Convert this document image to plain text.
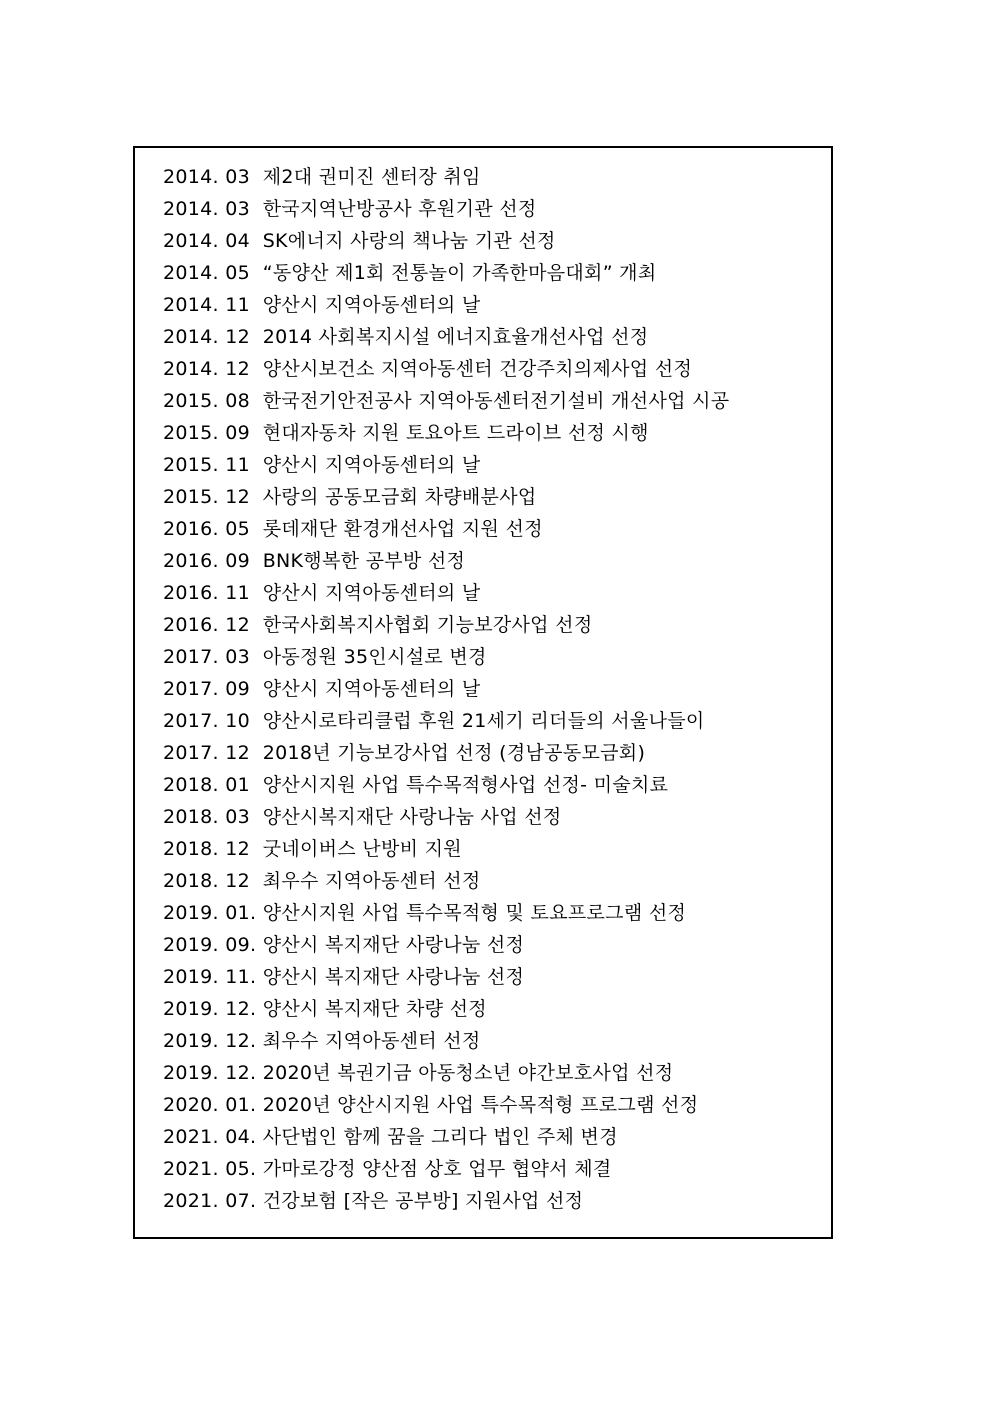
2014. 03  제2대 권미진 센터장 취임
2014. 03  한국지역난방공사 후원기관 선정
2014. 04  SK에너지 사랑의 책나눔 기관 선정
2014. 05  “동양산 제1회 전통놀이 가족한마음대회” 개최
2014. 11  양산시 지역아동센터의 날
2014. 12  2014 사회복지시설 에너지효율개선사업 선정
2014. 12  양산시보건소 지역아동센터 건강주치의제사업 선정
2015. 08  한국전기안전공사 지역아동센터전기설비 개선사업 시공
2015. 09  현대자동차 지원 토요아트 드라이브 선정 시행
2015. 11  양산시 지역아동센터의 날
2015. 12  사랑의 공동모금회 차량배분사업
2016. 05  롯데재단 환경개선사업 지원 선정
2016. 09  BNK행복한 공부방 선정
2016. 11  양산시 지역아동센터의 날
2016. 12  한국사회복지사협회 기능보강사업 선정
2017. 03  아동정원 35인시설로 변경
2017. 09  양산시 지역아동센터의 날
2017. 10  양산시로타리클럽 후원 21세기 리더들의 서울나들이
2017. 12  2018년 기능보강사업 선정 (경남공동모금회)
2018. 01  양산시지원 사업 특수목적형사업 선정- 미술치료
2018. 03  양산시복지재단 사랑나눔 사업 선정
2018. 12  굿네이버스 난방비 지원
2018. 12  최우수 지역아동센터 선정
2019. 01. 양산시지원 사업 특수목적형 및 토요프로그램 선정
2019. 09. 양산시 복지재단 사랑나눔 선정
2019. 11. 양산시 복지재단 사랑나눔 선정
2019. 12. 양산시 복지재단 차량 선정
2019. 12. 최우수 지역아동센터 선정
2019. 12. 2020년 복권기금 아동청소년 야간보호사업 선정
2020. 01. 2020년 양산시지원 사업 특수목적형 프로그램 선정
2021. 04. 사단법인 함께 꿈을 그리다 법인 주체 변경
2021. 05. 가마로강정 양산점 상호 업무 협약서 체결
2021. 07. 건강보험 [작은 공부방] 지원사업 선정
